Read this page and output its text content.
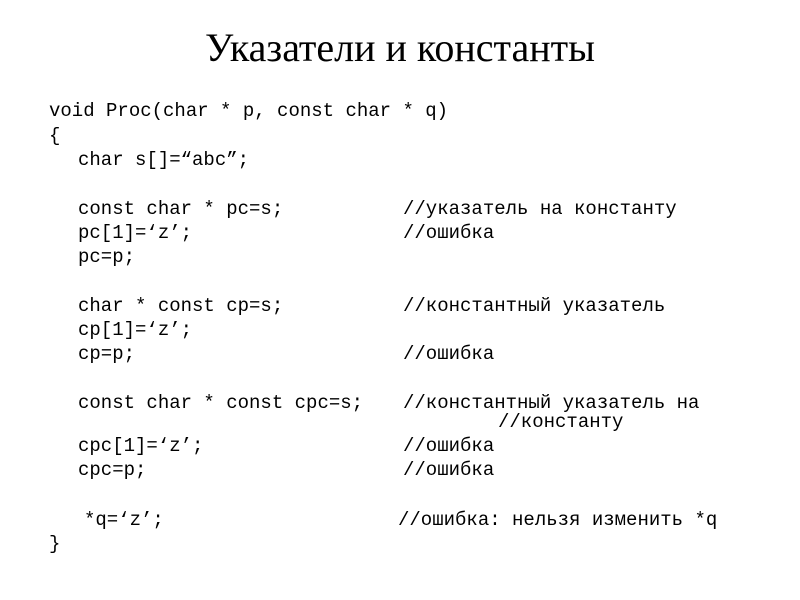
Указатели и константы
void Proc(char * p, const char * q)
{
char s[]=“abc”;
const char * pc=s;	//указатель на константу
pc[1]=‘z’;	//ошибка
pc=p;
char * const cp=s;	//константный указатель
cp[1]=‘z’;
cp=p;	//ошибка
const char * const cpc=s; //константный указатель на
//константу
cpc[1]=‘z’;	//ошибка
cpc=p;	//ошибка
*q=‘z’;	//ошибка: нельзя изменить *q
}
